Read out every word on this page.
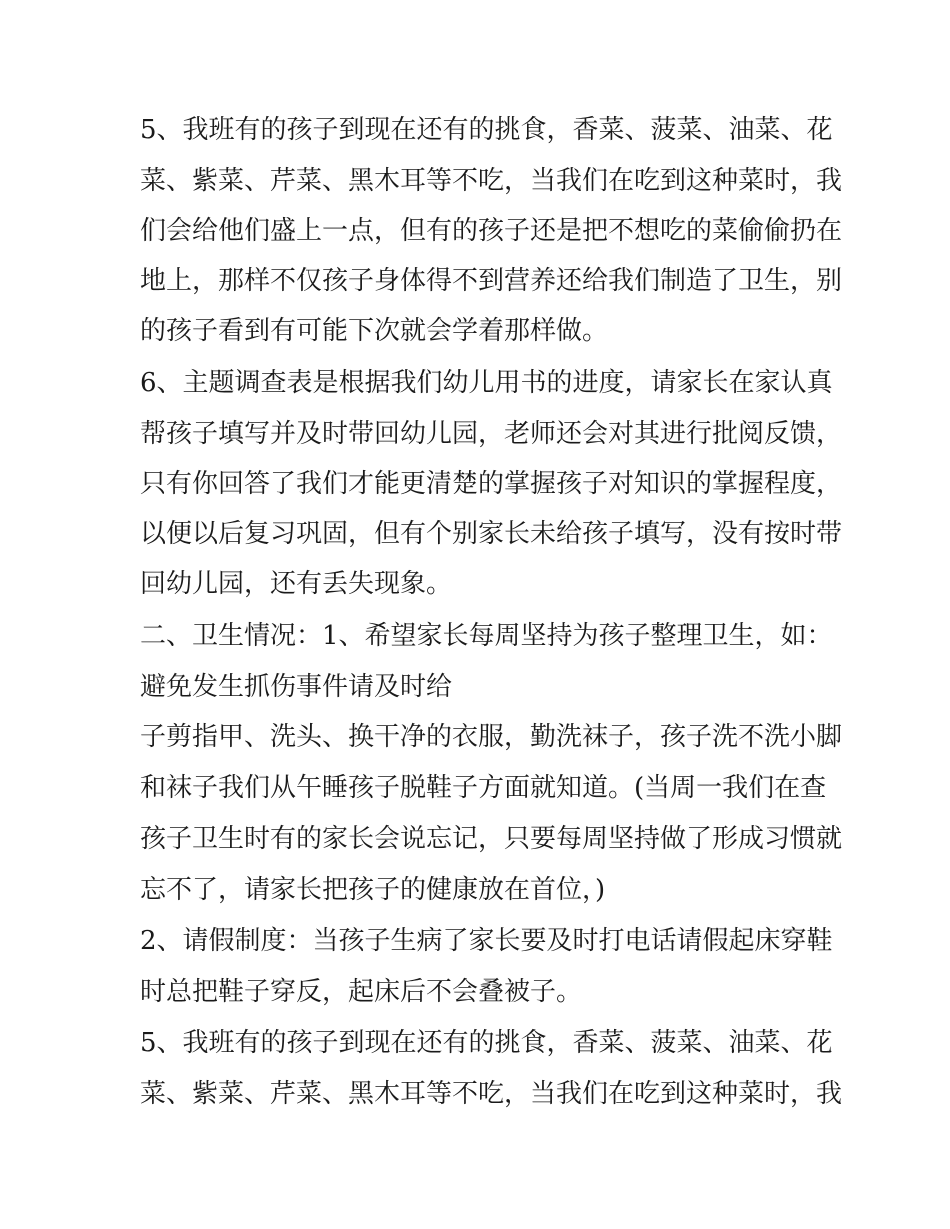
5、我班有的孩子到现在还有的挑食，香菜、菠菜、油菜、花
菜、紫菜、芹菜、黑木耳等不吃，当我们在吃到这种菜时，我
们会给他们盛上一点，但有的孩子还是把不想吃的菜偷偷扔在
地上，那样不仅孩子身体得不到营养还给我们制造了卫生，别
的孩子看到有可能下次就会学着那样做。
6、主题调查表是根据我们幼儿用书的进度，请家长在家认真
帮孩子填写并及时带回幼儿园，老师还会对其进行批阅反馈，
只有你回答了我们才能更清楚的掌握孩子对知识的掌握程度，
以便以后复习巩固，但有个别家长未给孩子填写，没有按时带
回幼儿园，还有丢失现象。
二、卫生情况：1、希望家长每周坚持为孩子整理卫生，如：
避免发生抓伤事件请及时给
子剪指甲、洗头、换干净的衣服，勤洗袜子，孩子洗不洗小脚
和袜子我们从午睡孩子脱鞋子方面就知道。(当周一我们在查
孩子卫生时有的家长会说忘记，只要每周坚持做了形成习惯就
忘不了，请家长把孩子的健康放在首位，)
2、请假制度：当孩子生病了家长要及时打电话请假起床穿鞋
时总把鞋子穿反，起床后不会叠被子。
5、我班有的孩子到现在还有的挑食，香菜、菠菜、油菜、花
菜、紫菜、芹菜、黑木耳等不吃，当我们在吃到这种菜时，我
